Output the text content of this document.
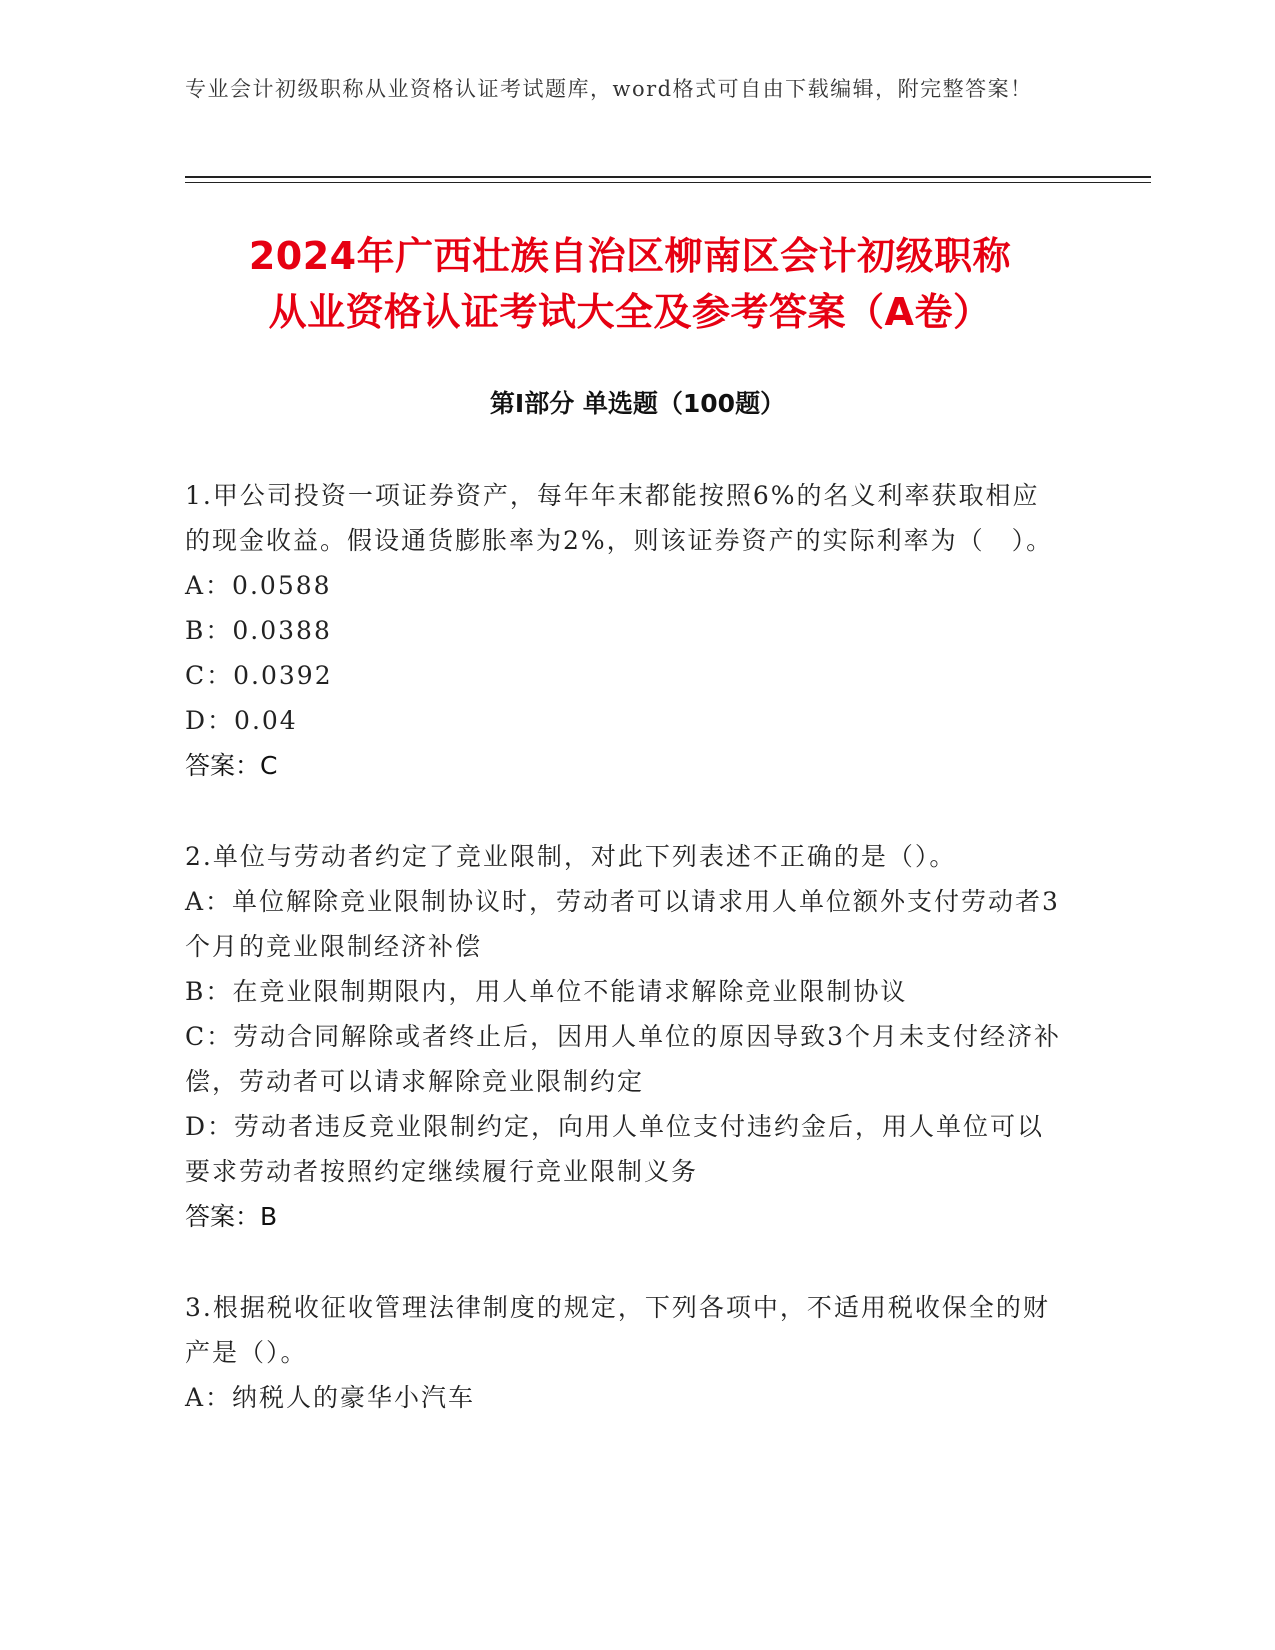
专业会计初级职称从业资格认证考试题库，word格式可自由下载编辑，附完整答案！
2024年广西壮族自治区柳南区会计初级职称
从业资格认证考试大全及参考答案（A卷）
第Ⅰ部分 单选题（100题）
1.甲公司投资一项证券资产，每年年末都能按照6%的名义利率获取相应的现金收益。假设通货膨胀率为2%，则该证券资产的实际利率为（　）。
A：0.0588
B：0.0388
C：0.0392
D：0.04
答案：C
2.单位与劳动者约定了竞业限制，对此下列表述不正确的是（）。
A：单位解除竞业限制协议时，劳动者可以请求用人单位额外支付劳动者3个月的竞业限制经济补偿
B：在竞业限制期限内，用人单位不能请求解除竞业限制协议
C：劳动合同解除或者终止后，因用人单位的原因导致3个月未支付经济补偿，劳动者可以请求解除竞业限制约定
D：劳动者违反竞业限制约定，向用人单位支付违约金后，用人单位可以要求劳动者按照约定继续履行竞业限制义务
答案：B
3.根据税收征收管理法律制度的规定，下列各项中，不适用税收保全的财产是（）。
A：纳税人的豪华小汽车
